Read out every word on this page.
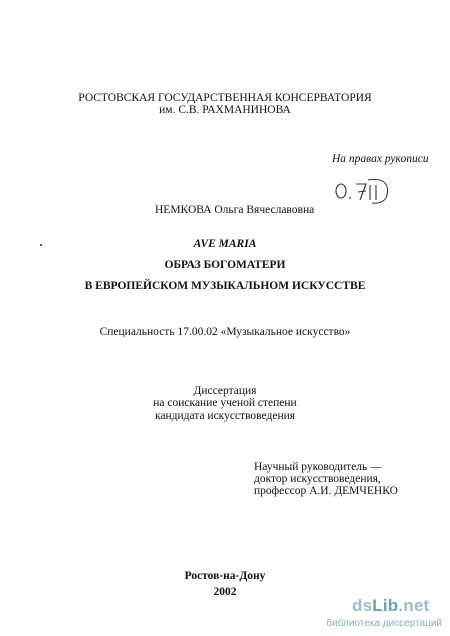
РОСТОВСКАЯ ГОСУДАРСТВЕННАЯ КОНСЕРВАТОРИЯ
им. С.В. РАХМАНИНОВА
На правах рукописи
НЕМКОВА Ольга Вячеславовна
AVE MARIA
ОБРАЗ БОГОМАТЕРИ
В ЕВРОПЕЙСКОМ МУЗЫКАЛЬНОМ ИСКУССТВЕ
Специальность 17.00.02 «Музыкальное искусство»
Диссертация
на соискание ученой степени
кандидата искусствоведения
Научный руководитель —
доктор искусствоведения,
профессор А.И. ДЕМЧЕНКО
Ростов-на-Дону
2002
dsLib.net
библиотека диссертаций
